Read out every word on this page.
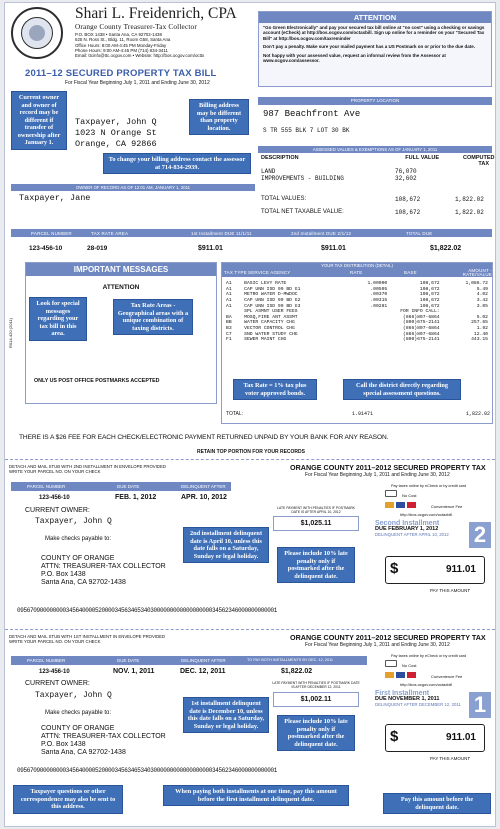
Shari L. Freidenrich, CPA
Orange County Treasurer-Tax Collector
P.O. BOX 1438 • Santa Ana, CA 92702-1438
625 N. Ross St., Bldg. 11, Room G58, Santa Ana
Office Hours: 8:00 AM-4:45 PM Monday-Friday
Phone Hours: 9:00 AM-4:45 PM (714) 834-3411
Email: ttcinfo@ttc.ocgov.com • Website: http://bos.ocgov.com/octtx
2011–12 SECURED PROPERTY TAX BILL
For Fiscal Year Beginning July 1, 2011 and Ending June 30, 2012
ATTENTION
"Go Green Electronically" and pay your secured tax bill online at "no cost" using a checking or savings account (eCheck) at http://bos.ocgov.com/octaxbill. Sign up online for a reminder on your "Secured Tax Bill" at http://bos.ocgov.com/taxreminder
Don't pay a penalty. Make sure your mailed payment has a US Postmark on or prior to the due date.
Not happy with your assessed value, request an informal review from the Assessor at www.ocgov.com/assessor.
Taxpayer, John Q
1023 N Orange St
Orange, CA 92866
OWNER OF RECORD AS OF 12:01 AM, JANUARY 1, 2011
Taxpayer, Jane
PROPERTY LOCATION
987 Beachfront Ave
S TR 555 BLK 7 LOT 30 BK
ASSESSED VALUES & EXEMPTIONS AS OF JANUARY 1, 2011
DESCRIPTION	FULL VALUE	COMPUTED TAX
LAND	76,070
IMPROVEMENTS - BUILDING	32,602
TOTAL VALUES:	108,672	1,822.02
TOTAL NET TAXABLE VALUE:	108,672	1,822.02
PARCEL NUMBER	TAX RATE AREA	1st Installment DUE 11/1/11	2nd Installment DUE 2/1/12	TOTAL DUE
123-456-10	28-019	$911.01	$911.01	$1,822.02
IMPORTANT MESSAGES
ATTENTION
ONLY US POST OFFICE POSTMARKS ACCEPTED
R014-420 (2011)
YOUR TAX DISTRIBUTION (DETAIL)
TAX TYPE SERVICE AGENCY	RATE	BASE	AMOUNT - RATE/VALUE
A1	BASIC LEVY RATE	1.00000	108,672	1,086.72
A1	CAP UNN ISD 99 BD G1	.00505	108,672	5.49
A1	METRO WATER D-MWDOC	.00370	108,672	4.02
A1	CAP UNN ISD 99 BD G2	.00315	108,672	3.42
A1	CAP UNN ISD 99 BD G3	.00281	108,672	3.05
	SPL ASMNT USER FEES		FOR INFO CALL:	
BA	MOSQ,FIRE ANT ASSMT		(866)807-6864	5.02
BB	WATER CAPACITY CHG		(800)675-2141	257.65
B3	VECTOR CONTROL CHG		(866)807-6864	1.92
C7	SND WATER STUDY CHG		(866)807-6864	12.40
F1	SEWER MAINT CHG		(800)675-2141	443.15
TOTAL:	1.01471	1,822.02
THERE IS A $26 FEE FOR EACH CHECK/ELECTRONIC PAYMENT RETURNED UNPAID BY YOUR BANK FOR ANY REASON.
RETAIN TOP PORTION FOR YOUR RECORDS
DETACH AND MAIL STUB WITH 2ND INSTALLMENT IN ENVELOPE PROVIDED
WRITE YOUR PARCEL NO. ON YOUR CHECK	ORANGE COUNTY 2011–2012 SECURED PROPERTY TAX
For Fiscal Year Beginning July 1, 2011 and Ending June 30, 2012
PARCEL NUMBER	DUE DATE	DELINQUENT AFTER
123-456-10	FEB. 1, 2012	APR. 10, 2012
CURRENT OWNER:
Taxpayer, John Q
Make checks payable to:
COUNTY OF ORANGE
ATTN: TREASURER-TAX COLLECTOR
P.O. Box 1438
Santa Ana, CA 92702-1438
LATE PAYMENT WITH PENALTIES IF POSTMARK DATE IS AFTER APRIL 10, 2012
$1,025.11
Pay taxes online by eCheck or by credit card
No Cost
Convenience Fee
http://bos.ocgov.com/octaxbill
Second Installment
DUE FEBRUARY 1, 2012
DELINQUENT AFTER APRIL 10, 2012	2
$	911.01
PAY THIS AMOUNT
09567090000000034564000052000034563465340300000000000000000034562346000000000001
DETACH AND MAIL STUB WITH 1ST INSTALLMENT IN ENVELOPE PROVIDED
WRITE YOUR PARCEL NO. ON YOUR CHECK	ORANGE COUNTY 2011–2012 SECURED PROPERTY TAX
For Fiscal Year Beginning July 1, 2011 and Ending June 30, 2012
PARCEL NUMBER	DUE DATE	DELINQUENT AFTER	TO PAY BOTH INSTALLMENTS BY DEC. 12, 2011
123-456-10	NOV. 1, 2011	DEC. 12, 2011	$1,822.02
CURRENT OWNER:
Taxpayer, John Q
Make checks payable to:
COUNTY OF ORANGE
ATTN: TREASURER-TAX COLLECTOR
P.O. Box 1438
Santa Ana, CA 92702-1438
LATE PAYMENT WITH PENALTIES IF POSTMARK DATE IS AFTER DECEMBER 12, 2011
$1,002.11
Pay taxes online by eCheck or by credit card
No Cost
Convenience Fee
http://bos.ocgov.com/octaxbill
First Installment
DUE NOVEMBER 1, 2011
DELINQUENT AFTER DECEMBER 12, 2011 1
$	911.01
PAY THIS AMOUNT
09567090000000034564000052000034563465340300000000000000000034562346000000000001
Current owner and owner of record may be different if transfer of ownership after January 1.
Billing address may be different than property location.
To change your billing address contact the assessor at 714-834-2939.
Look for special messages regarding your tax bill in this area.
Tax Rate Areas - Geographical areas with a unique combination of taxing districts.
Tax Rate = 1% tax plus voter approved bonds.
Call the district directly regarding special assessment questions.
2nd installment delinquent date is April 10, unless this date falls on a Saturday, Sunday or legal holiday.	Please include 10% late penalty only if postmarked after the delinquent date.
1st installment delinquent date is December 10, unless this date falls on a Saturday, Sunday or legal holiday.
Please include 10% late penalty only if postmarked after the delinquent date.
Taxpayer questions or other correspondence may also be sent to this address.
When paying both installments at one time, pay this amount before the first installment delinquent date.	Pay this amount before the delinquent date.
